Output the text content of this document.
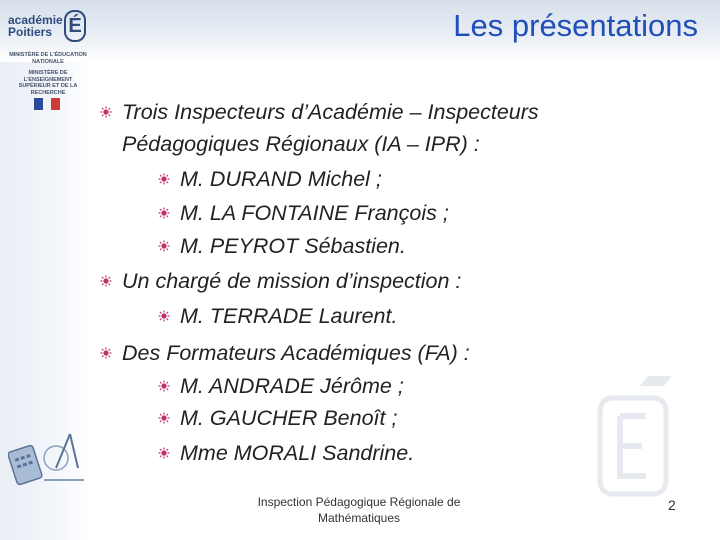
académie
Poitiers É
MINISTÈRE DE L'ÉDUCATION NATIONALE
MINISTÈRE DE L'ENSEIGNEMENT SUPÉRIEUR ET DE LA RECHERCHE
Les présentations
Trois Inspecteurs d’Académie – Inspecteurs
Pédagogiques Régionaux (IA – IPR) :
M. DURAND Michel ;
M. LA FONTAINE François ;
M. PEYROT Sébastien.
Un chargé de mission d’inspection :
M. TERRADE Laurent.
Des Formateurs Académiques (FA) :
M. ANDRADE Jérôme ;
M. GAUCHER Benoît ;
Mme MORALI Sandrine.
Inspection Pédagogique Régionale de
Mathématiques
2
